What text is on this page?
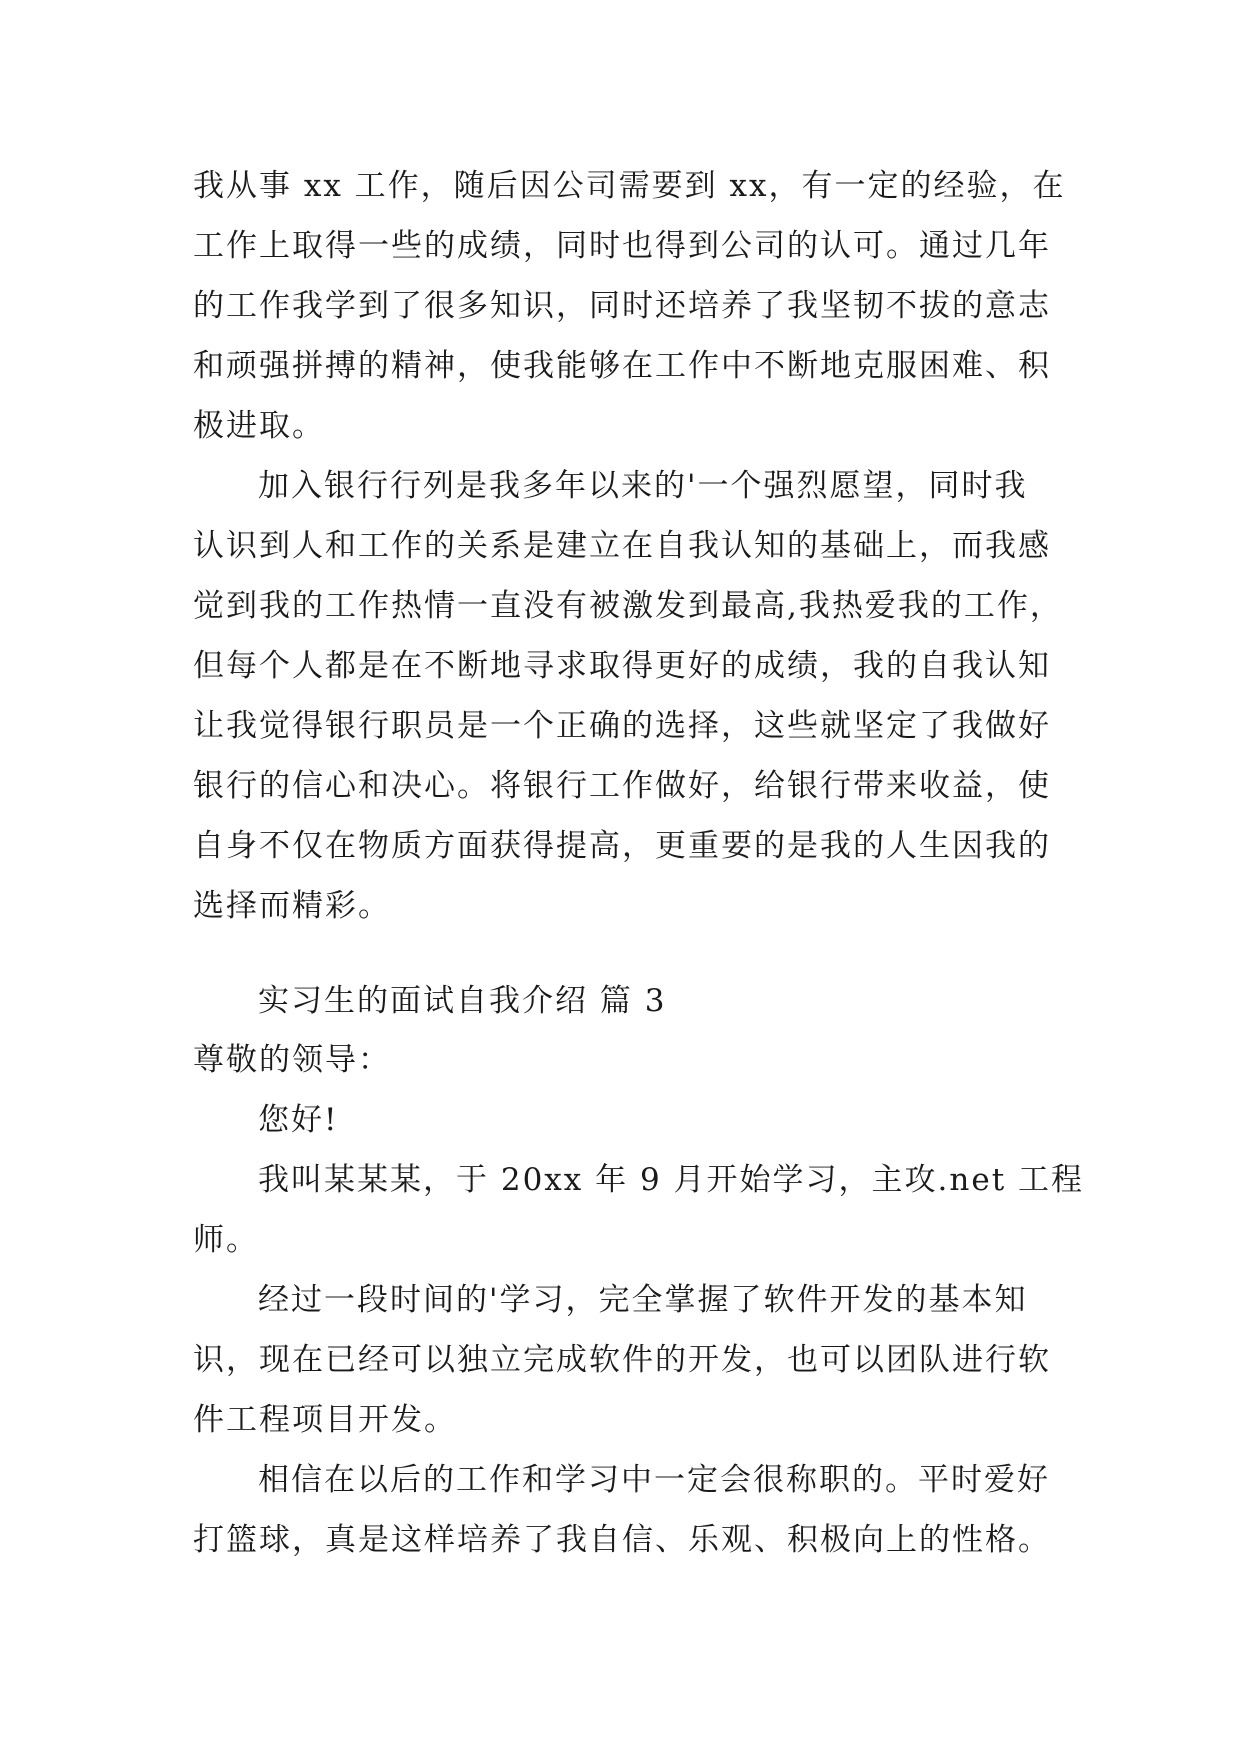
我从事 xx 工作，随后因公司需要到 xx，有一定的经验，在
工作上取得一些的成绩，同时也得到公司的认可。通过几年
的工作我学到了很多知识，同时还培养了我坚韧不拔的意志
和顽强拼搏的精神，使我能够在工作中不断地克服困难、积
极进取。
加入银行行列是我多年以来的'一个强烈愿望，同时我
认识到人和工作的关系是建立在自我认知的基础上，而我感
觉到我的工作热情一直没有被激发到最高,我热爱我的工作，
但每个人都是在不断地寻求取得更好的成绩，我的自我认知
让我觉得银行职员是一个正确的选择，这些就坚定了我做好
银行的信心和决心。将银行工作做好，给银行带来收益，使
自身不仅在物质方面获得提高，更重要的是我的人生因我的
选择而精彩。
实习生的面试自我介绍 篇 3
尊敬的领导：
您好!
我叫某某某，于 20xx 年 9 月开始学习，主攻.net 工程
师。
经过一段时间的'学习，完全掌握了软件开发的基本知
识，现在已经可以独立完成软件的开发，也可以团队进行软
件工程项目开发。
相信在以后的工作和学习中一定会很称职的。平时爱好
打篮球，真是这样培养了我自信、乐观、积极向上的性格。
